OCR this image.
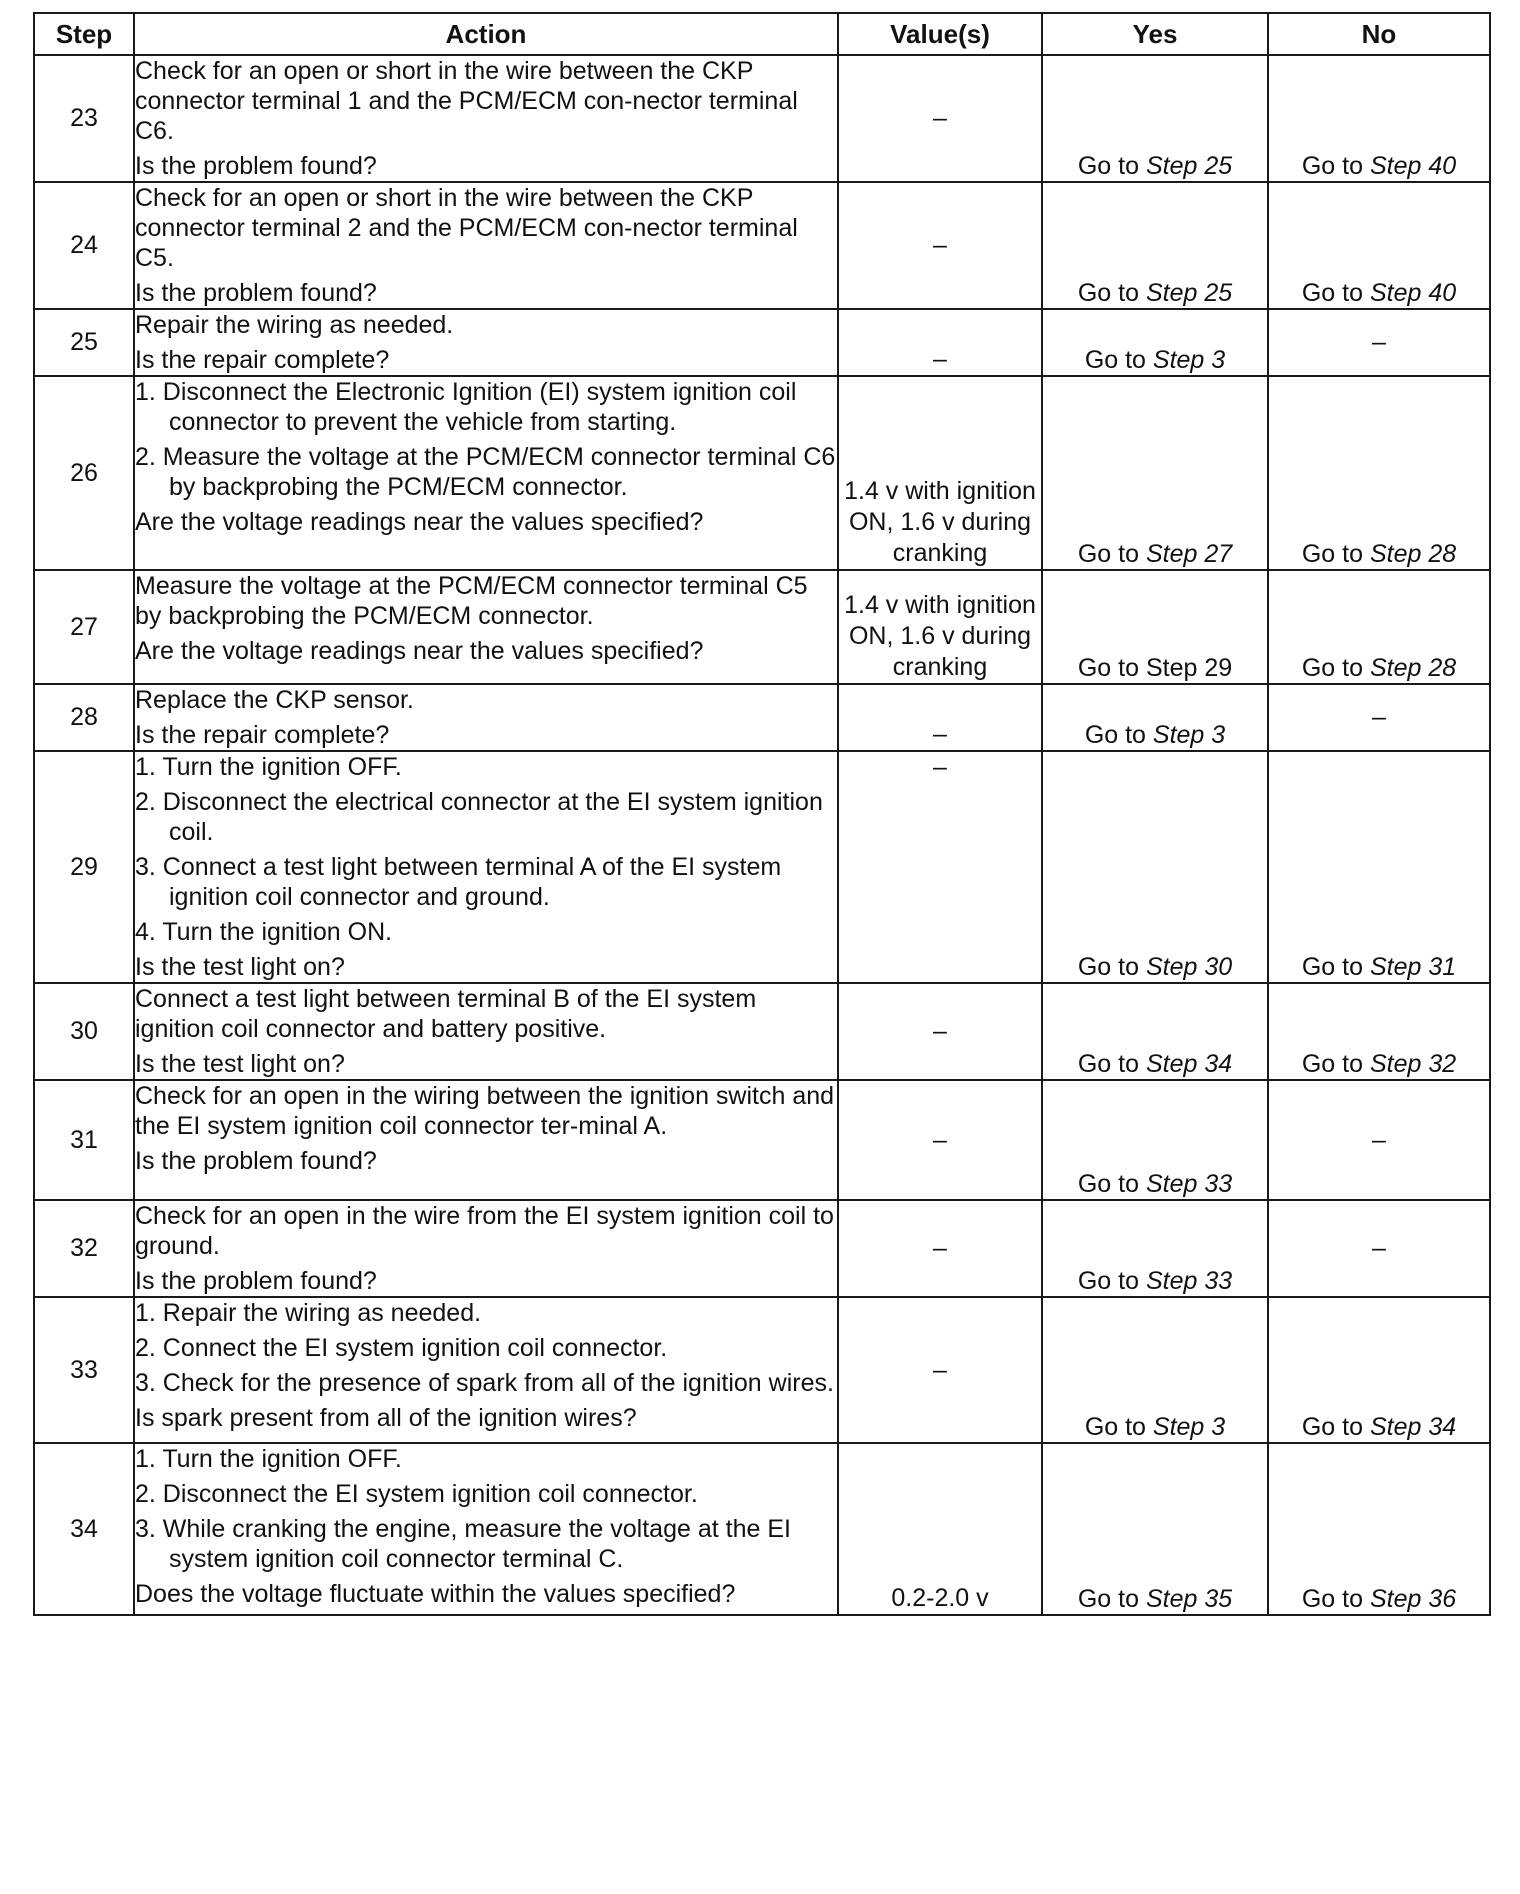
Step	Action	Value(s)	Yes	No
23	Check for an open or short in the wire between the CKP connector terminal 1 and the PCM/ECM con-nector terminal C6.
Is the problem found?	–	Go to Step 25	Go to Step 40
24	Check for an open or short in the wire between the CKP connector terminal 2 and the PCM/ECM con-nector terminal C5.
Is the problem found?	–	Go to Step 25	Go to Step 40
25	Repair the wiring as needed.
Is the repair complete?	–	Go to Step 3	–
26	1. Disconnect the Electronic Ignition (EI) system ignition coil connector to prevent the vehicle from starting.
2. Measure the voltage at the PCM/ECM connector terminal C6 by backprobing the PCM/ECM connector.
Are the voltage readings near the values specified?	1.4 v with ignition ON, 1.6 v during cranking	Go to Step 27	Go to Step 28
27	Measure the voltage at the PCM/ECM connector terminal C5 by backprobing the PCM/ECM connector.
Are the voltage readings near the values specified?	1.4 v with ignition ON, 1.6 v during cranking	Go to Step 29	Go to Step 28
28	Replace the CKP sensor.
Is the repair complete?	–	Go to Step 3	–
29	1. Turn the ignition OFF.
2. Disconnect the electrical connector at the EI system ignition coil.
3. Connect a test light between terminal A of the EI system ignition coil connector and ground.
4. Turn the ignition ON.
Is the test light on?	–	Go to Step 30	Go to Step 31
30	Connect a test light between terminal B of the EI system ignition coil connector and battery positive.
Is the test light on?	–	Go to Step 34	Go to Step 32
31	Check for an open in the wiring between the ignition switch and the EI system ignition coil connector ter-minal A.
Is the problem found?	–	Go to Step 33	–
32	Check for an open in the wire from the EI system ignition coil to ground.
Is the problem found?	–	Go to Step 33	–
33	1. Repair the wiring as needed.
2. Connect the EI system ignition coil connector.
3. Check for the presence of spark from all of the ignition wires.
Is spark present from all of the ignition wires?	–	Go to Step 3	Go to Step 34
34	1. Turn the ignition OFF.
2. Disconnect the EI system ignition coil connector.
3. While cranking the engine, measure the voltage at the EI system ignition coil connector terminal C.
Does the voltage fluctuate within the values specified?	0.2-2.0 v	Go to Step 35	Go to Step 36
